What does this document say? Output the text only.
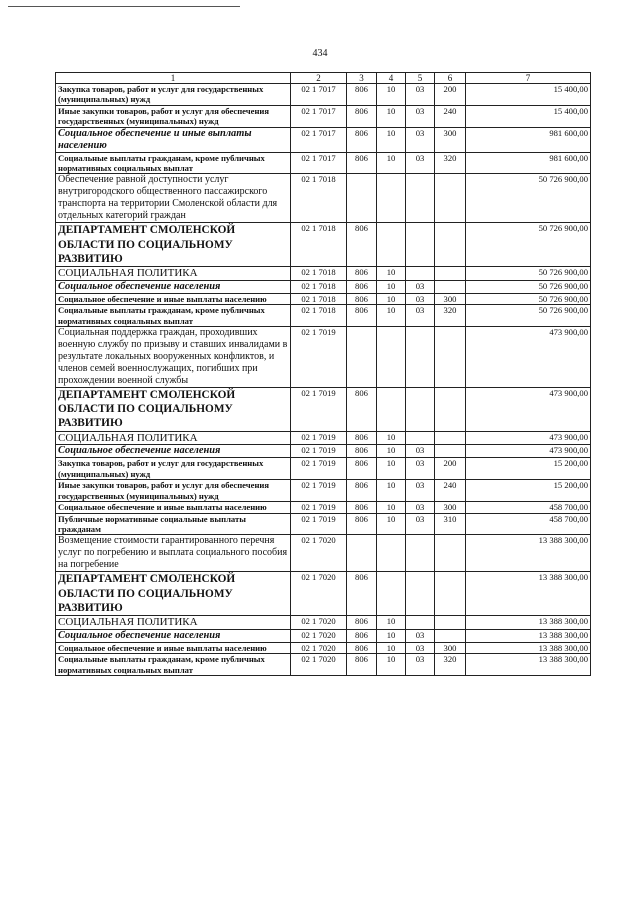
434
1	2	3	4	5	6	7
Закупка товаров, работ и услуг для государственных (муниципальных) нужд	02 1 7017	806	10	03	200	15 400,00
Иные закупки товаров, работ и услуг для обеспечения государственных (муниципальных) нужд	02 1 7017	806	10	03	240	15 400,00
Социальное обеспечение и иные выплаты населению	02 1 7017	806	10	03	300	981 600,00
Социальные выплаты гражданам, кроме публичных нормативных социальных выплат	02 1 7017	806	10	03	320	981 600,00
Обеспечение равной доступности услуг внутригородского общественного пассажирского транспорта на территории Смоленской области для отдельных категорий граждан	02 1 7018					50 726 900,00
ДЕПАРТАМЕНТ СМОЛЕНСКОЙ ОБЛАСТИ ПО СОЦИАЛЬНОМУ РАЗВИТИЮ	02 1 7018	806				50 726 900,00
СОЦИАЛЬНАЯ ПОЛИТИКА	02 1 7018	806	10			50 726 900,00
Социальное обеспечение населения	02 1 7018	806	10	03		50 726 900,00
Социальное обеспечение и иные выплаты населению	02 1 7018	806	10	03	300	50 726 900,00
Социальные выплаты гражданам, кроме публичных нормативных социальных выплат	02 1 7018	806	10	03	320	50 726 900,00
Социальная поддержка граждан, проходивших военную службу по призыву и ставших инвалидами в результате локальных вооруженных конфликтов, и членов семей военнослужащих, погибших при прохождении военной службы	02 1 7019					473 900,00
ДЕПАРТАМЕНТ СМОЛЕНСКОЙ ОБЛАСТИ ПО СОЦИАЛЬНОМУ РАЗВИТИЮ	02 1 7019	806				473 900,00
СОЦИАЛЬНАЯ ПОЛИТИКА	02 1 7019	806	10			473 900,00
Социальное обеспечение населения	02 1 7019	806	10	03		473 900,00
Закупка товаров, работ и услуг для государственных (муниципальных) нужд	02 1 7019	806	10	03	200	15 200,00
Иные закупки товаров, работ и услуг для обеспечения государственных (муниципальных) нужд	02 1 7019	806	10	03	240	15 200,00
Социальное обеспечение и иные выплаты населению	02 1 7019	806	10	03	300	458 700,00
Публичные нормативные социальные выплаты гражданам	02 1 7019	806	10	03	310	458 700,00
Возмещение стоимости гарантированного перечня услуг по погребению и выплата социального пособия на погребение	02 1 7020					13 388 300,00
ДЕПАРТАМЕНТ СМОЛЕНСКОЙ ОБЛАСТИ ПО СОЦИАЛЬНОМУ РАЗВИТИЮ	02 1 7020	806				13 388 300,00
СОЦИАЛЬНАЯ ПОЛИТИКА	02 1 7020	806	10			13 388 300,00
Социальное обеспечение населения	02 1 7020	806	10	03		13 388 300,00
Социальное обеспечение и иные выплаты населению	02 1 7020	806	10	03	300	13 388 300,00
Социальные выплаты гражданам, кроме публичных нормативных социальных выплат	02 1 7020	806	10	03	320	13 388 300,00
